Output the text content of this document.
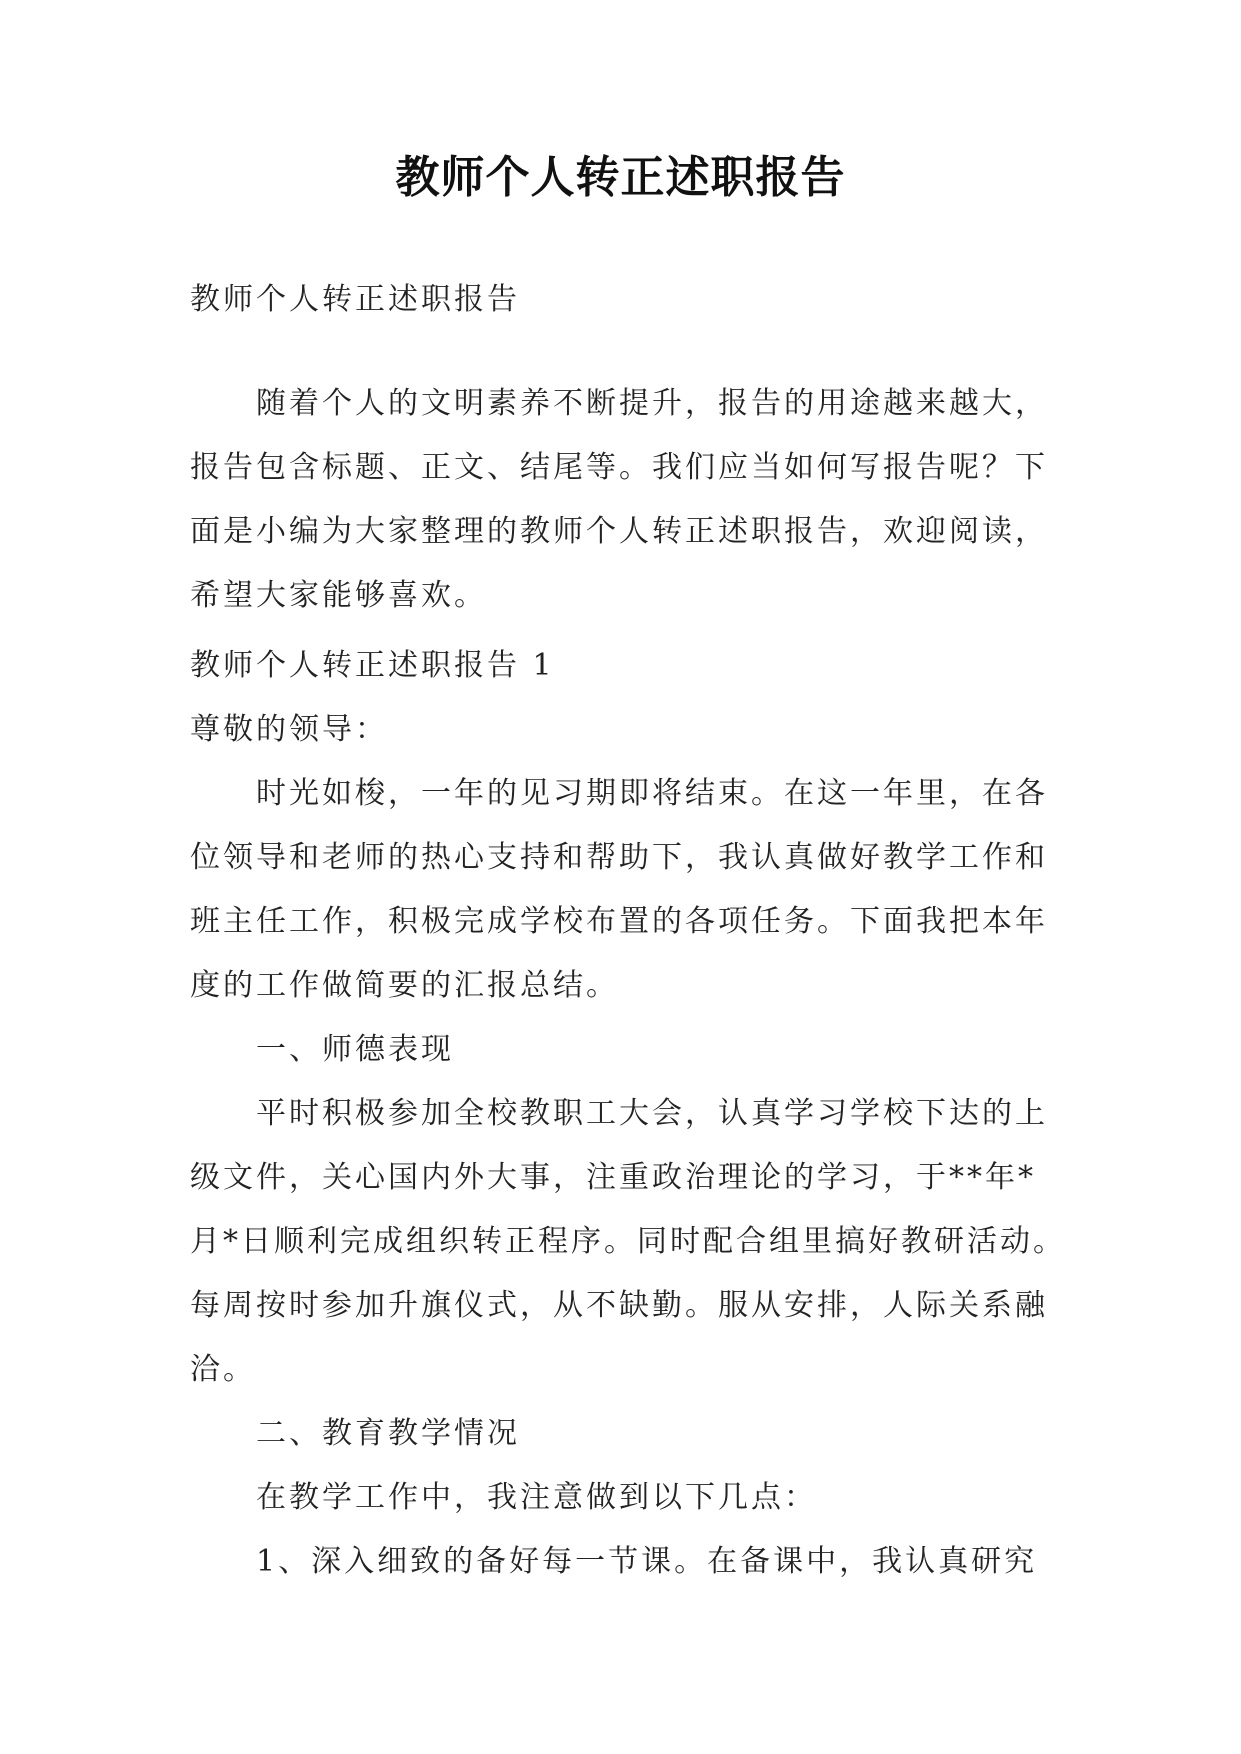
教师个人转正述职报告
教师个人转正述职报告
随着个人的文明素养不断提升，报告的用途越来越大，
报告包含标题、正文、结尾等。我们应当如何写报告呢？下
面是小编为大家整理的教师个人转正述职报告，欢迎阅读，
希望大家能够喜欢。
教师个人转正述职报告 1
尊敬的领导：
时光如梭，一年的见习期即将结束。在这一年里，在各
位领导和老师的热心支持和帮助下，我认真做好教学工作和
班主任工作，积极完成学校布置的各项任务。下面我把本年
度的工作做简要的汇报总结。
一、师德表现
平时积极参加全校教职工大会，认真学习学校下达的上
级文件，关心国内外大事，注重政治理论的学习，于**年*
月*日顺利完成组织转正程序。同时配合组里搞好教研活动。
每周按时参加升旗仪式，从不缺勤。服从安排，人际关系融
洽。
二、教育教学情况
在教学工作中，我注意做到以下几点：
1、深入细致的备好每一节课。在备课中，我认真研究
